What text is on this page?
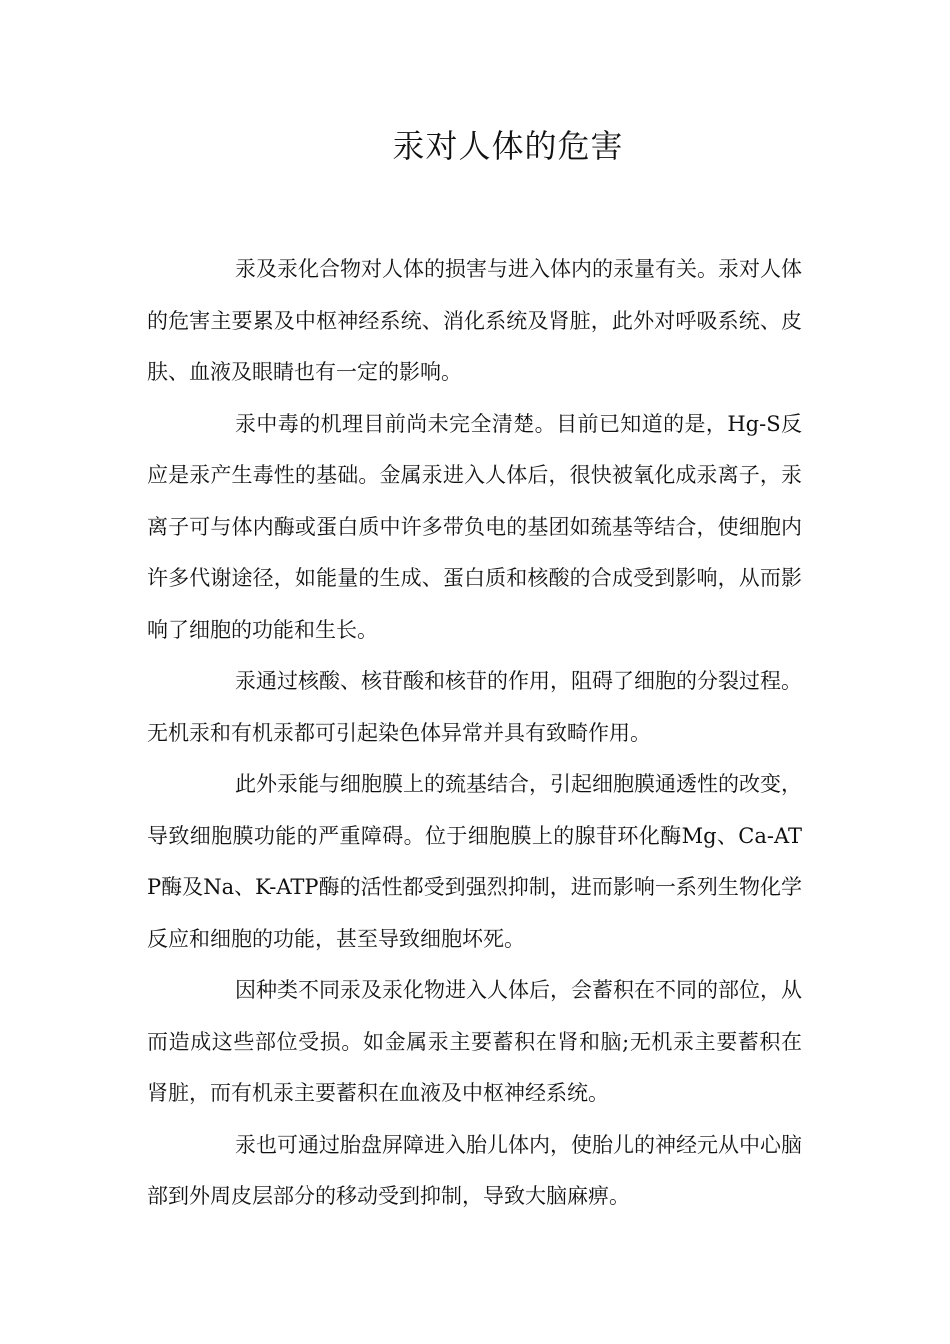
汞对人体的危害

汞及汞化合物对人体的损害与进入体内的汞量有关。汞对人体的危害主要累及中枢神经系统、消化系统及肾脏，此外对呼吸系统、皮肤、血液及眼睛也有一定的影响。

汞中毒的机理目前尚未完全清楚。目前已知道的是，Hg-S反应是汞产生毒性的基础。金属汞进入人体后，很快被氧化成汞离子，汞离子可与体内酶或蛋白质中许多带负电的基团如巯基等结合，使细胞内许多代谢途径，如能量的生成、蛋白质和核酸的合成受到影响，从而影响了细胞的功能和生长。

汞通过核酸、核苷酸和核苷的作用，阻碍了细胞的分裂过程。无机汞和有机汞都可引起染色体异常并具有致畸作用。

此外汞能与细胞膜上的巯基结合，引起细胞膜通透性的改变，导致细胞膜功能的严重障碍。位于细胞膜上的腺苷环化酶Mg、Ca-ATP酶及Na、K-ATP酶的活性都受到强烈抑制，进而影响一系列生物化学反应和细胞的功能，甚至导致细胞坏死。

因种类不同汞及汞化物进入人体后，会蓄积在不同的部位，从而造成这些部位受损。如金属汞主要蓄积在肾和脑;无机汞主要蓄积在肾脏，而有机汞主要蓄积在血液及中枢神经系统。

汞也可通过胎盘屏障进入胎儿体内，使胎儿的神经元从中心脑部到外周皮层部分的移动受到抑制，导致大脑麻痹。
